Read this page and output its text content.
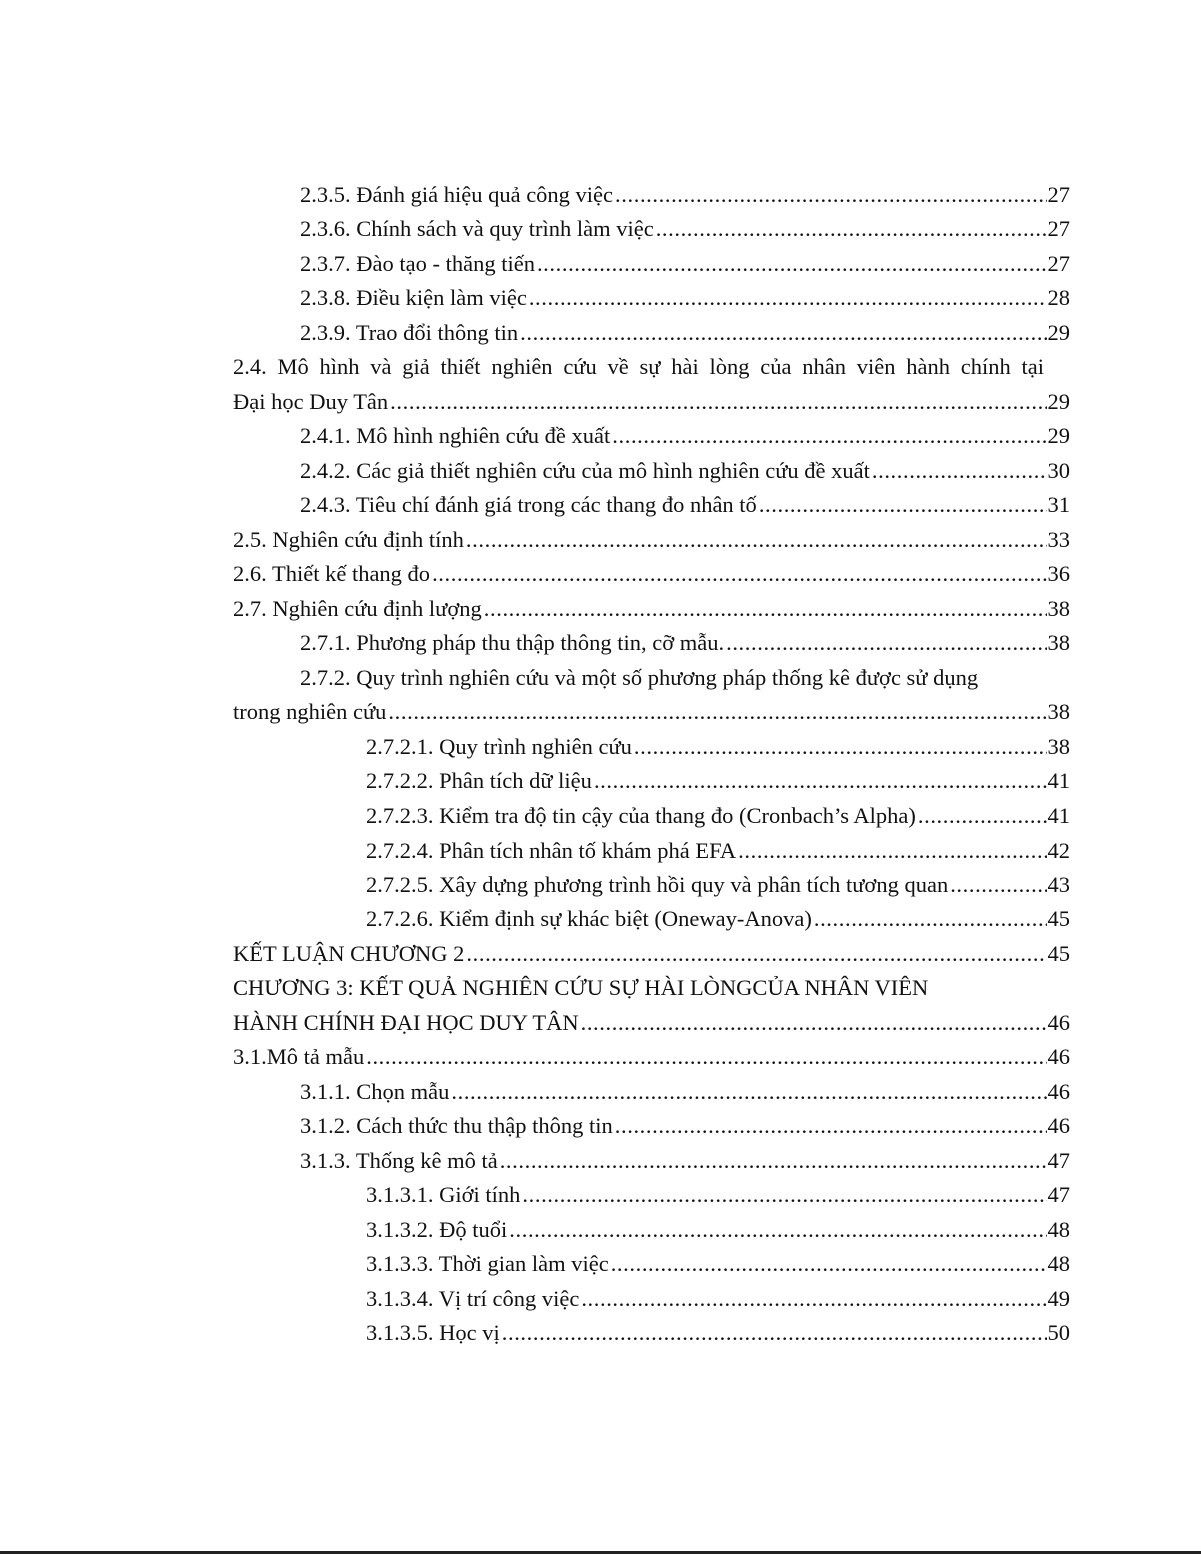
2.3.5. Đánh giá hiệu quả công việc .....	27
2.3.6. Chính sách và quy trình làm việc .....	27
2.3.7. Đào tạo - thăng tiến .....	27
2.3.8. Điều kiện làm việc .....	28
2.3.9. Trao đổi thông tin .....	29
2.4. Mô hình và giả thiết nghiên cứu về sự hài lòng của nhân viên hành chính tại
Đại học Duy Tân .....	29
2.4.1. Mô hình nghiên cứu đề xuất .....	29
2.4.2. Các giả thiết nghiên cứu của mô hình nghiên cứu đề xuất .....	30
2.4.3. Tiêu chí đánh giá trong các thang đo nhân tố .....	31
2.5. Nghiên cứu định tính .....	33
2.6. Thiết kế thang đo .....	36
2.7. Nghiên cứu định lượng .....	38
2.7.1. Phương pháp thu thập thông tin, cỡ mẫu. .....	38
2.7.2. Quy trình nghiên cứu và một số phương pháp thống kê được sử dụng
trong nghiên cứu .....	38
2.7.2.1. Quy trình nghiên cứu .....	38
2.7.2.2. Phân tích dữ liệu .....	41
2.7.2.3. Kiểm tra độ tin cậy của thang đo (Cronbach’s Alpha) .....	41
2.7.2.4. Phân tích nhân tố khám phá EFA .....	42
2.7.2.5. Xây dựng phương trình hồi quy và phân tích tương quan .....	43
2.7.2.6. Kiểm định sự khác biệt (Oneway-Anova) .....	45
KẾT LUẬN CHƯƠNG 2 .....	45
CHƯƠNG 3: KẾT QUẢ NGHIÊN CỨU SỰ HÀI LÒNGCỦA NHÂN VIÊN
HÀNH CHÍNH ĐẠI HỌC DUY TÂN .....	46
3.1.Mô tả mẫu .....	46
3.1.1. Chọn mẫu .....	46
3.1.2. Cách thức thu thập thông tin .....	46
3.1.3. Thống kê mô tả .....	47
3.1.3.1. Giới tính .....	47
3.1.3.2. Độ tuổi .....	48
3.1.3.3. Thời gian làm việc .....	48
3.1.3.4. Vị trí công việc .....	49
3.1.3.5. Học vị .....	50
